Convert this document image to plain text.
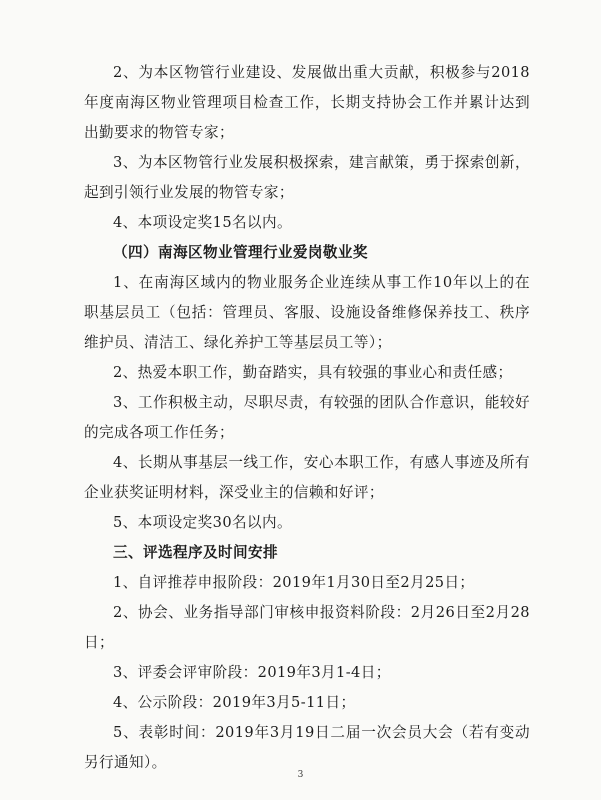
2、为本区物管行业建设、发展做出重大贡献，积极参与2018年度南海区物业管理项目检查工作，长期支持协会工作并累计达到出勤要求的物管专家；

3、为本区物管行业发展积极探索，建言献策，勇于探索创新，起到引领行业发展的物管专家；

4、本项设定奖15名以内。

（四）南海区物业管理行业爱岗敬业奖

1、在南海区域内的物业服务企业连续从事工作10年以上的在职基层员工（包括：管理员、客服、设施设备维修保养技工、秩序维护员、清洁工、绿化养护工等基层员工等）；

2、热爱本职工作，勤奋踏实，具有较强的事业心和责任感；

3、工作积极主动，尽职尽责，有较强的团队合作意识，能较好的完成各项工作任务；

4、长期从事基层一线工作，安心本职工作，有感人事迹及所有企业获奖证明材料，深受业主的信赖和好评；

5、本项设定奖30名以内。

三、评选程序及时间安排

1、自评推荐申报阶段：2019年1月30日至2月25日；

2、协会、业务指导部门审核申报资料阶段：2月26日至2月28日；

3、评委会评审阶段：2019年3月1-4日；

4、公示阶段：2019年3月5-11日；

5、表彰时间：2019年3月19日二届一次会员大会（若有变动另行通知）。

3
